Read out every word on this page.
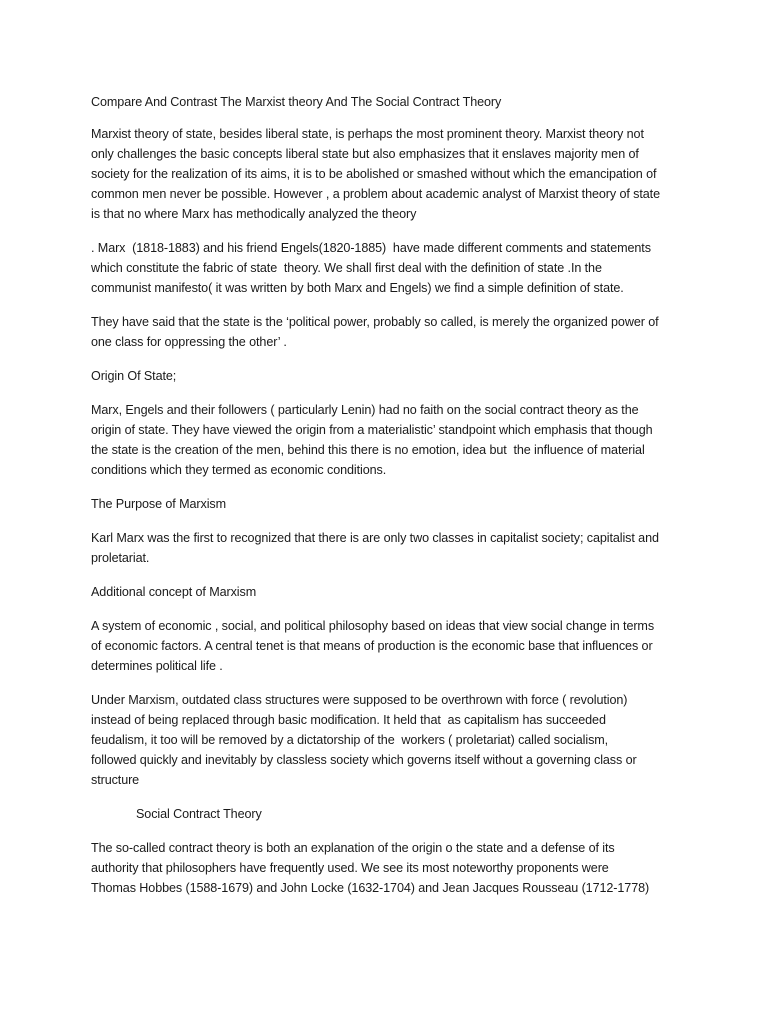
Compare And Contrast The Marxist theory And The Social Contract Theory

Marxist theory of state, besides liberal state, is perhaps the most prominent theory. Marxist theory not
only challenges the basic concepts liberal state but also emphasizes that it enslaves majority men of
society for the realization of its aims, it is to be abolished or smashed without which the emancipation of
common men never be possible. However , a problem about academic analyst of Marxist theory of state
is that no where Marx has methodically analyzed the theory

. Marx  (1818-1883) and his friend Engels(1820-1885)  have made different comments and statements
which constitute the fabric of state  theory. We shall first deal with the definition of state .In the
communist manifesto( it was written by both Marx and Engels) we find a simple definition of state.

They have said that the state is the ‘political power, probably so called, is merely the organized power of
one class for oppressing the other’ .

Origin Of State;

Marx, Engels and their followers ( particularly Lenin) had no faith on the social contract theory as the
origin of state. They have viewed the origin from a materialistic’ standpoint which emphasis that though
the state is the creation of the men, behind this there is no emotion, idea but  the influence of material
conditions which they termed as economic conditions.

The Purpose of Marxism

Karl Marx was the first to recognized that there is are only two classes in capitalist society; capitalist and
proletariat.

Additional concept of Marxism

A system of economic , social, and political philosophy based on ideas that view social change in terms
of economic factors. A central tenet is that means of production is the economic base that influences or
determines political life .

Under Marxism, outdated class structures were supposed to be overthrown with force ( revolution)
instead of being replaced through basic modification. It held that  as capitalism has succeeded
feudalism, it too will be removed by a dictatorship of the  workers ( proletariat) called socialism,
followed quickly and inevitably by classless society which governs itself without a governing class or
structure

Social Contract Theory

The so-called contract theory is both an explanation of the origin o the state and a defense of its
authority that philosophers have frequently used. We see its most noteworthy proponents were
Thomas Hobbes (1588-1679) and John Locke (1632-1704) and Jean Jacques Rousseau (1712-1778)
